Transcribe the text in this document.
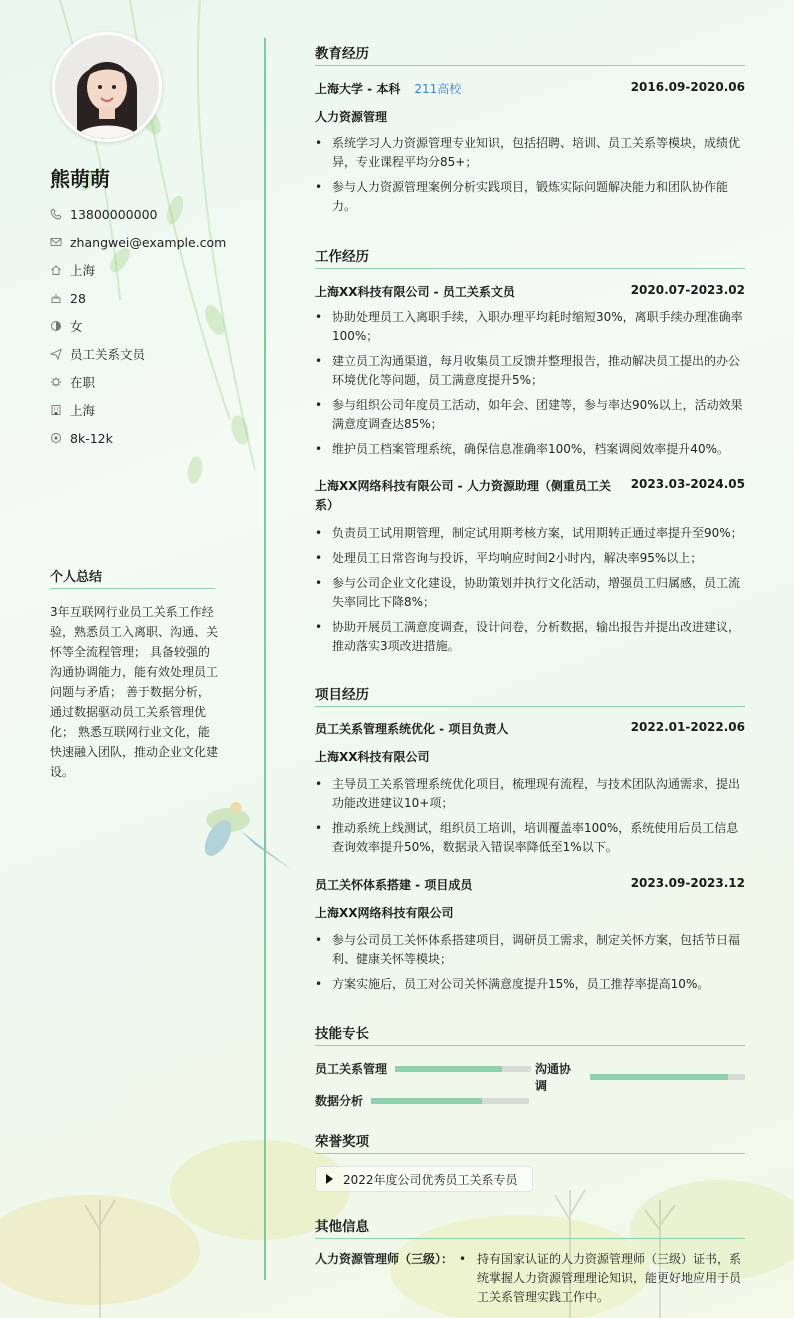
熊萌萌
13800000000
zhangwei@example.com
上海
28
女
员工关系文员
在职
上海
8k-12k
个人总结
3年互联网行业员工关系工作经验，熟悉员工入离职、沟通、关怀等全流程管理； 具备较强的沟通协调能力，能有效处理员工问题与矛盾； 善于数据分析，通过数据驱动员工关系管理优化； 熟悉互联网行业文化，能快速融入团队，推动企业文化建设。
教育经历
上海大学 - 本科 211高校	2016.09-2020.06
人力资源管理
• 系统学习人力资源管理专业知识，包括招聘、培训、员工关系等模块，成绩优异，专业课程平均分85+；
• 参与人力资源管理案例分析实践项目，锻炼实际问题解决能力和团队协作能力。
工作经历
上海XX科技有限公司 - 员工关系文员	2020.07-2023.02
• 协助处理员工入离职手续，入职办理平均耗时缩短30%，离职手续办理准确率100%；
• 建立员工沟通渠道，每月收集员工反馈并整理报告，推动解决员工提出的办公环境优化等问题，员工满意度提升5%；
• 参与组织公司年度员工活动，如年会、团建等，参与率达90%以上，活动效果满意度调查达85%；
• 维护员工档案管理系统，确保信息准确率100%，档案调阅效率提升40%。
上海XX网络科技有限公司 - 人力资源助理（侧重员工关系）
2023.03-2024.05
• 负责员工试用期管理，制定试用期考核方案，试用期转正通过率提升至90%；
• 处理员工日常咨询与投诉，平均响应时间2小时内，解决率95%以上；
• 参与公司企业文化建设，协助策划并执行文化活动，增强员工归属感，员工流失率同比下降8%；
• 协助开展员工满意度调查，设计问卷，分析数据，输出报告并提出改进建议，推动落实3项改进措施。
项目经历
员工关系管理系统优化 - 项目负责人	2022.01-2022.06
上海XX科技有限公司
• 主导员工关系管理系统优化项目，梳理现有流程，与技术团队沟通需求，提出功能改进建议10+项；
• 推动系统上线测试，组织员工培训，培训覆盖率100%，系统使用后员工信息查询效率提升50%，数据录入错误率降低至1%以下。
员工关怀体系搭建 - 项目成员	2023.09-2023.12
上海XX网络科技有限公司
• 参与公司员工关怀体系搭建项目，调研员工需求，制定关怀方案，包括节日福利、健康关怀等模块；
• 方案实施后，员工对公司关怀满意度提升15%，员工推荐率提高10%。
技能专长
员工关系管理	沟通协调
数据分析
荣誉奖项
2022年度公司优秀员工关系专员
其他信息
人力资源管理师（三级）：
•	持有国家认证的人力资源管理师（三级）证书，系统掌握人力资源管理理论知识，能更好地应用于员工关系管理实践工作中。
